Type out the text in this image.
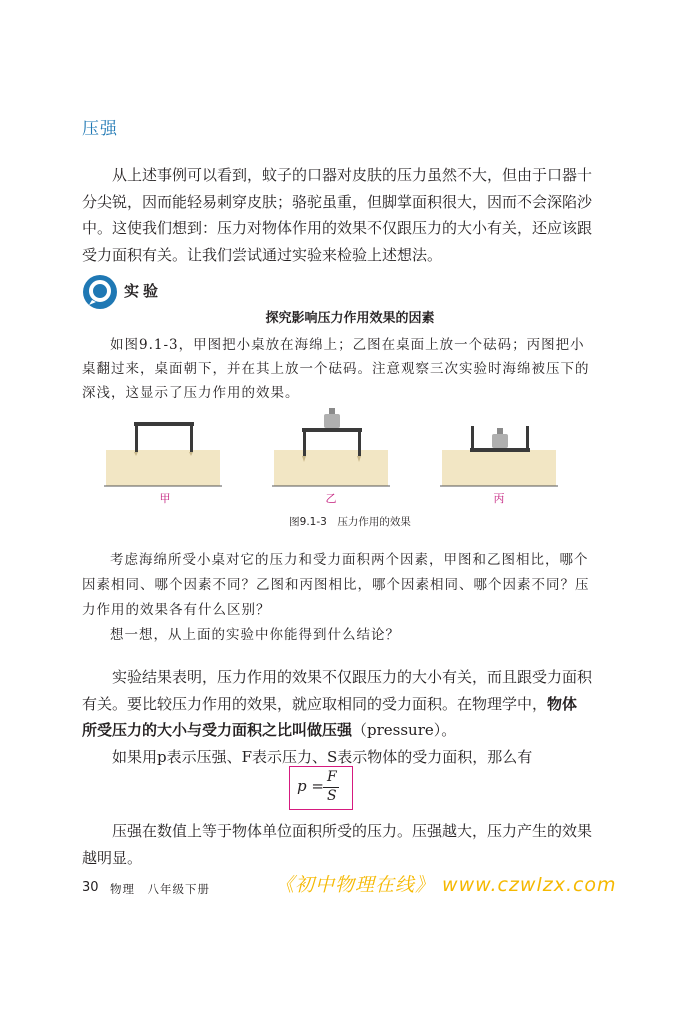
压强

从上述事例可以看到，蚊子的口器对皮肤的压力虽然不大，但由于口器十分尖锐，因而能轻易刺穿皮肤；骆驼虽重，但脚掌面积很大，因而不会深陷沙中。这使我们想到：压力对物体作用的效果不仅跟压力的大小有关，还应该跟受力面积有关。让我们尝试通过实验来检验上述想法。

实验
探究影响压力作用效果的因素

如图9.1-3，甲图把小桌放在海绵上；乙图在桌面上放一个砝码；丙图把小桌翻过来，桌面朝下，并在其上放一个砝码。注意观察三次实验时海绵被压下的深浅，这显示了压力作用的效果。

甲	乙	丙
图9.1-3　压力作用的效果

考虑海绵所受小桌对它的压力和受力面积两个因素，甲图和乙图相比，哪个因素相同、哪个因素不同？乙图和丙图相比，哪个因素相同、哪个因素不同？压力作用的效果各有什么区别？

想一想，从上面的实验中你能得到什么结论？

实验结果表明，压力作用的效果不仅跟压力的大小有关，而且跟受力面积有关。要比较压力作用的效果，就应取相同的受力面积。在物理学中，物体所受压力的大小与受力面积之比叫做压强（pressure）。

如果用p表示压强、F表示压力、S表示物体的受力面积，那么有

p = F
S

压强在数值上等于物体单位面积所受的压力。压强越大，压力产生的效果越明显。

30 物理　八年级下册	《初中物理在线》 www.czwlzx.com
